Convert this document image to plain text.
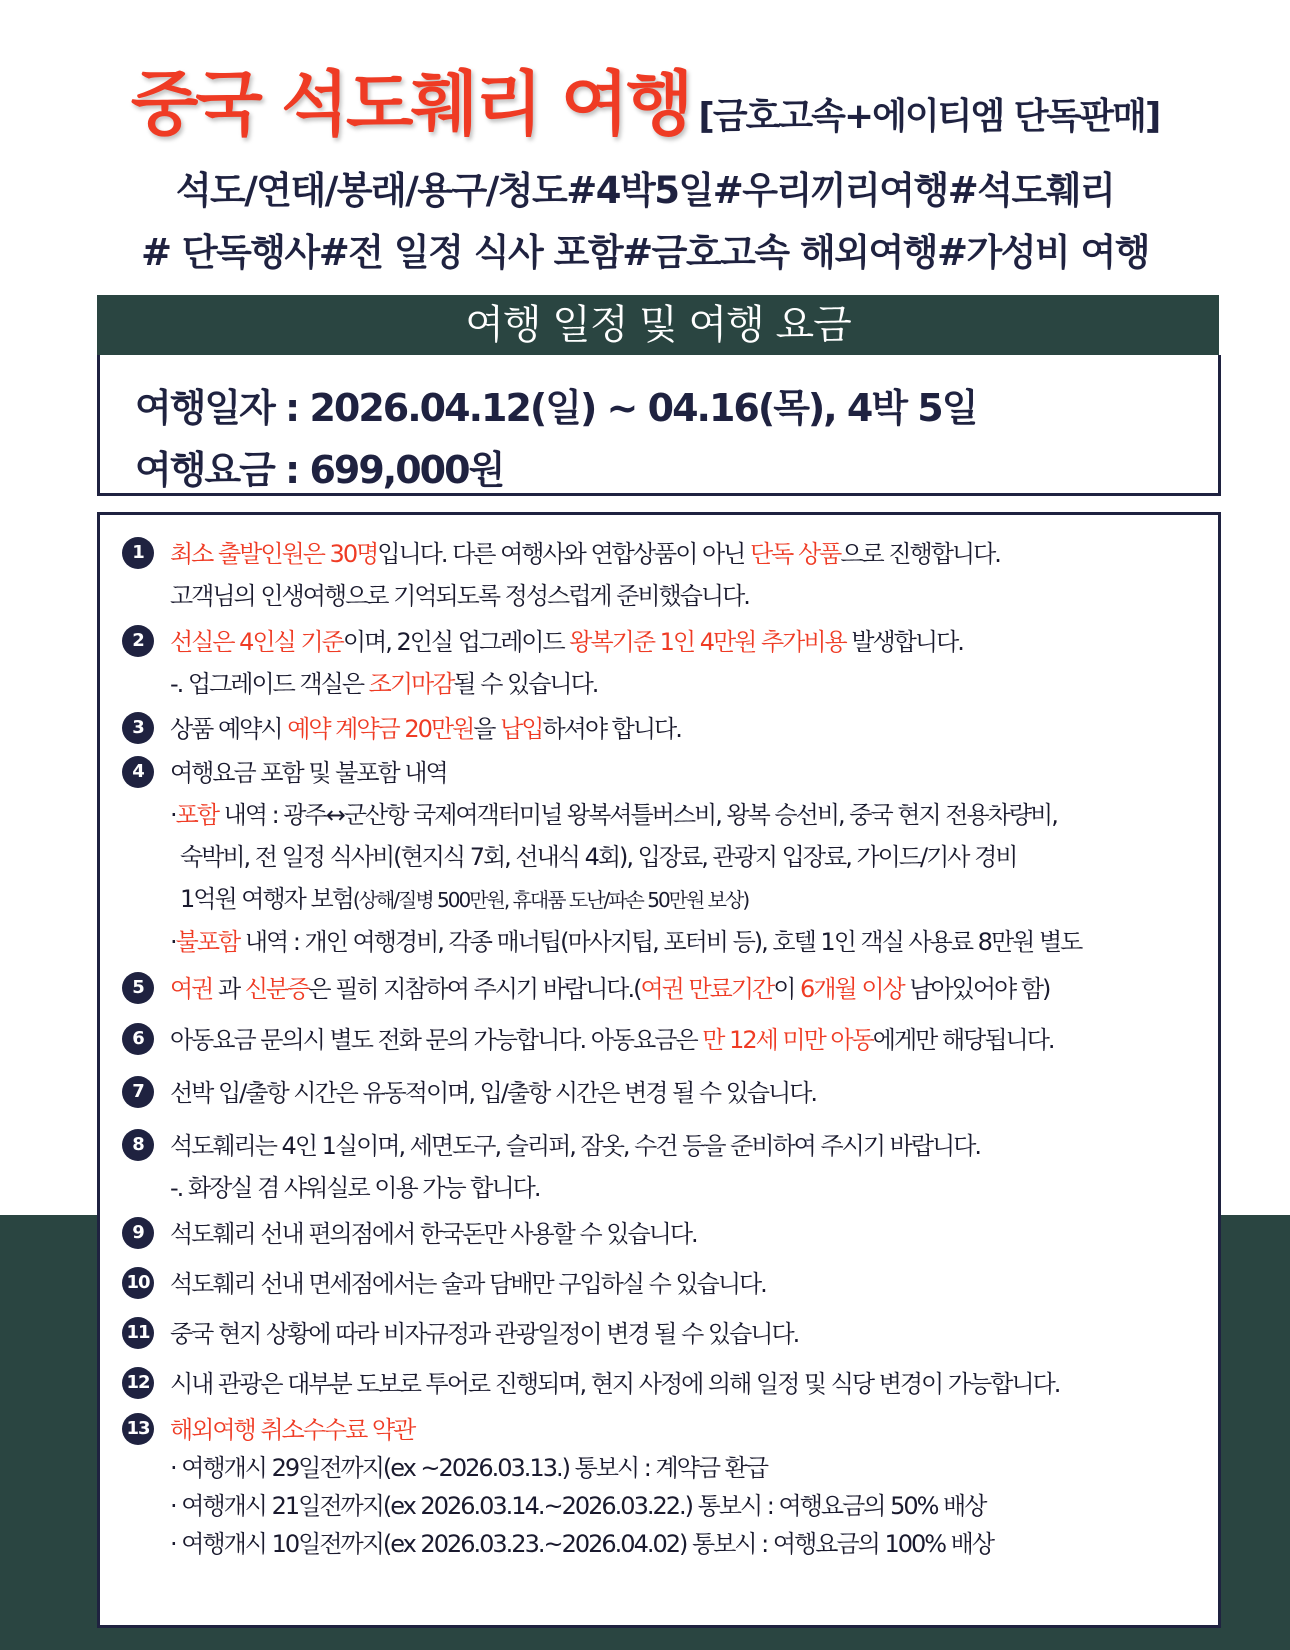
중국 석도훼리 여행 [금호고속+에이티엠 단독판매]
석도/연태/봉래/용구/청도#4박5일#우리끼리여행#석도훼리
# 단독행사#전 일정 식사 포함#금호고속 해외여행#가성비 여행
여행 일정 및 여행 요금
여행일자 : 2026.04.12(일) ~ 04.16(목), 4박 5일
여행요금 : 699,000원
1 최소 출발인원은 30명입니다. 다른 여행사와 연합상품이 아닌 단독 상품으로 진행합니다.
고객님의 인생여행으로 기억되도록 정성스럽게 준비했습니다.
2 선실은 4인실 기준이며, 2인실 업그레이드 왕복기준 1인 4만원 추가비용 발생합니다.
-. 업그레이드 객실은 조기마감될 수 있습니다.
3 상품 예약시 예약 계약금 20만원을 납입하셔야 합니다.
4 여행요금 포함 및 불포함 내역
·포함 내역 : 광주↔군산항 국제여객터미널 왕복셔틀버스비, 왕복 승선비, 중국 현지 전용차량비,
숙박비, 전 일정 식사비(현지식 7회, 선내식 4회), 입장료, 관광지 입장료, 가이드/기사 경비
1억원 여행자 보험(상해/질병 500만원, 휴대품 도난/파손 50만원 보상)
·불포함 내역 : 개인 여행경비, 각종 매너팁(마사지팁, 포터비 등), 호텔 1인 객실 사용료 8만원 별도
5 여권 과 신분증은 필히 지참하여 주시기 바랍니다.(여권 만료기간이 6개월 이상 남아있어야 함)
6 아동요금 문의시 별도 전화 문의 가능합니다. 아동요금은 만 12세 미만 아동에게만 해당됩니다.
7 선박 입/출항 시간은 유동적이며, 입/출항 시간은 변경 될 수 있습니다.
8 석도훼리는 4인 1실이며, 세면도구, 슬리퍼, 잠옷, 수건 등을 준비하여 주시기 바랍니다.
-. 화장실 겸 샤워실로 이용 가능 합니다.
9 석도훼리 선내 편의점에서 한국돈만 사용할 수 있습니다.
10 석도훼리 선내 면세점에서는 술과 담배만 구입하실 수 있습니다.
11 중국 현지 상황에 따라 비자규정과 관광일정이 변경 될 수 있습니다.
12 시내 관광은 대부분 도보로 투어로 진행되며, 현지 사정에 의해 일정 및 식당 변경이 가능합니다.
13 해외여행 취소수수료 약관
· 여행개시 29일전까지(ex ~2026.03.13.) 통보시 : 계약금 환급
· 여행개시 21일전까지(ex 2026.03.14.~2026.03.22.) 통보시 : 여행요금의 50% 배상
· 여행개시 10일전까지(ex 2026.03.23.~2026.04.02) 통보시 : 여행요금의 100% 배상
